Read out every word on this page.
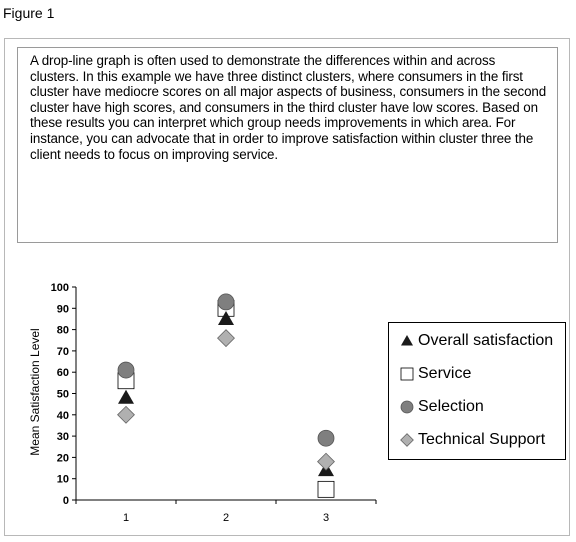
Figure 1

A drop-line graph is often used to demonstrate the differences within and across clusters. In this example we have three distinct clusters, where consumers in the first cluster have mediocre scores on all major aspects of business, consumers in the second cluster have high scores, and consumers in the third cluster have low scores. Based on these results you can interpret which group needs improvements in which area. For instance, you can advocate that in order to improve satisfaction within cluster three the client needs to focus on improving service.

Mean Satisfaction Level
0
10
20
30
40
50
60
70
80
90
100
1	2	3
Overall satisfaction
Service
Selection
Technical Support
